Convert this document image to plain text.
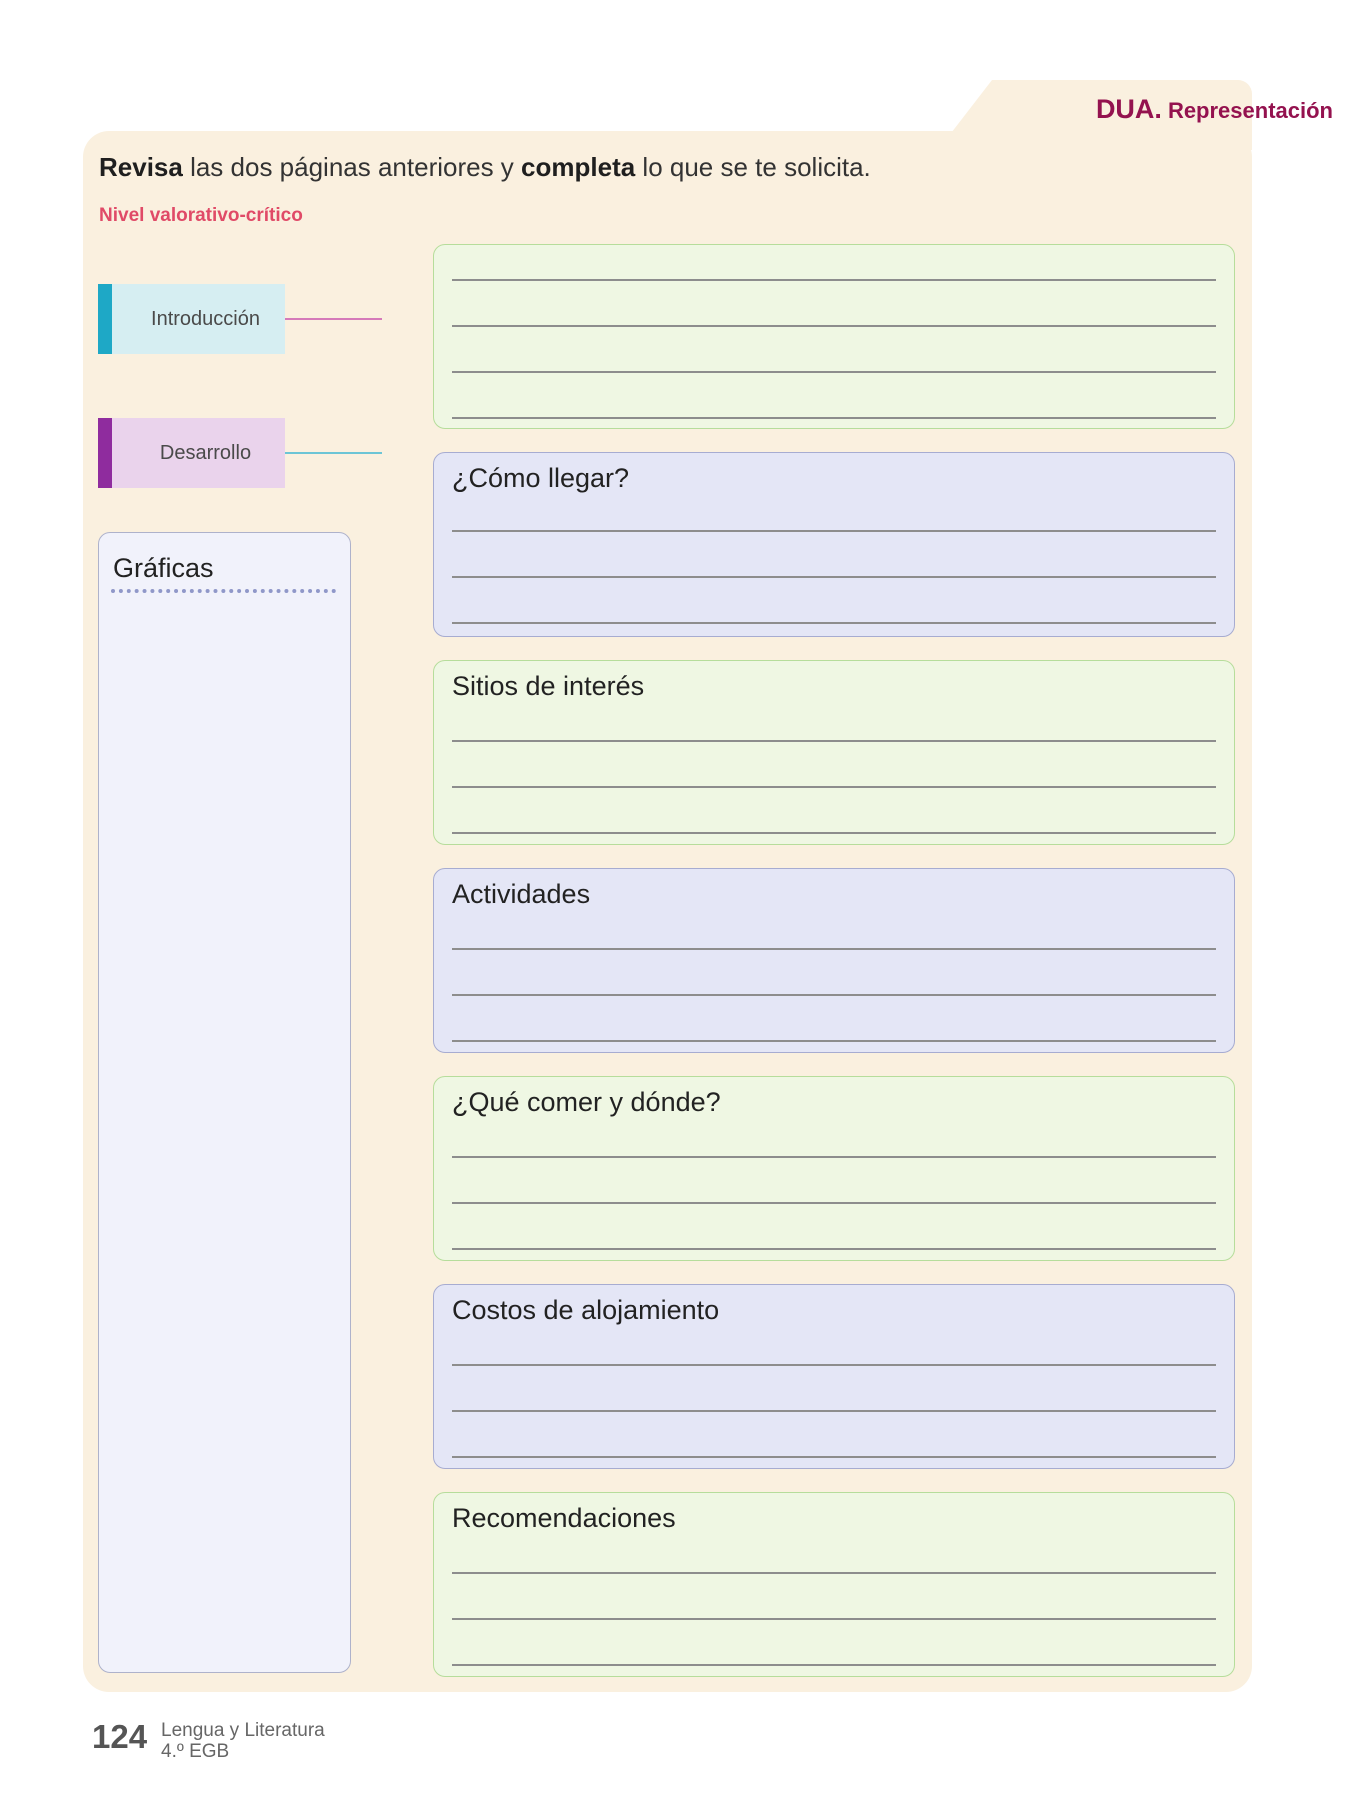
DUA. Representación
Revisa las dos páginas anteriores y completa lo que se te solicita.
Nivel valorativo-crítico
Introducción
Desarrollo
Gráficas
¿Cómo llegar?
Sitios de interés
Actividades
¿Qué comer y dónde?
Costos de alojamiento
Recomendaciones
124 Lengua y Literatura
4.º EGB
